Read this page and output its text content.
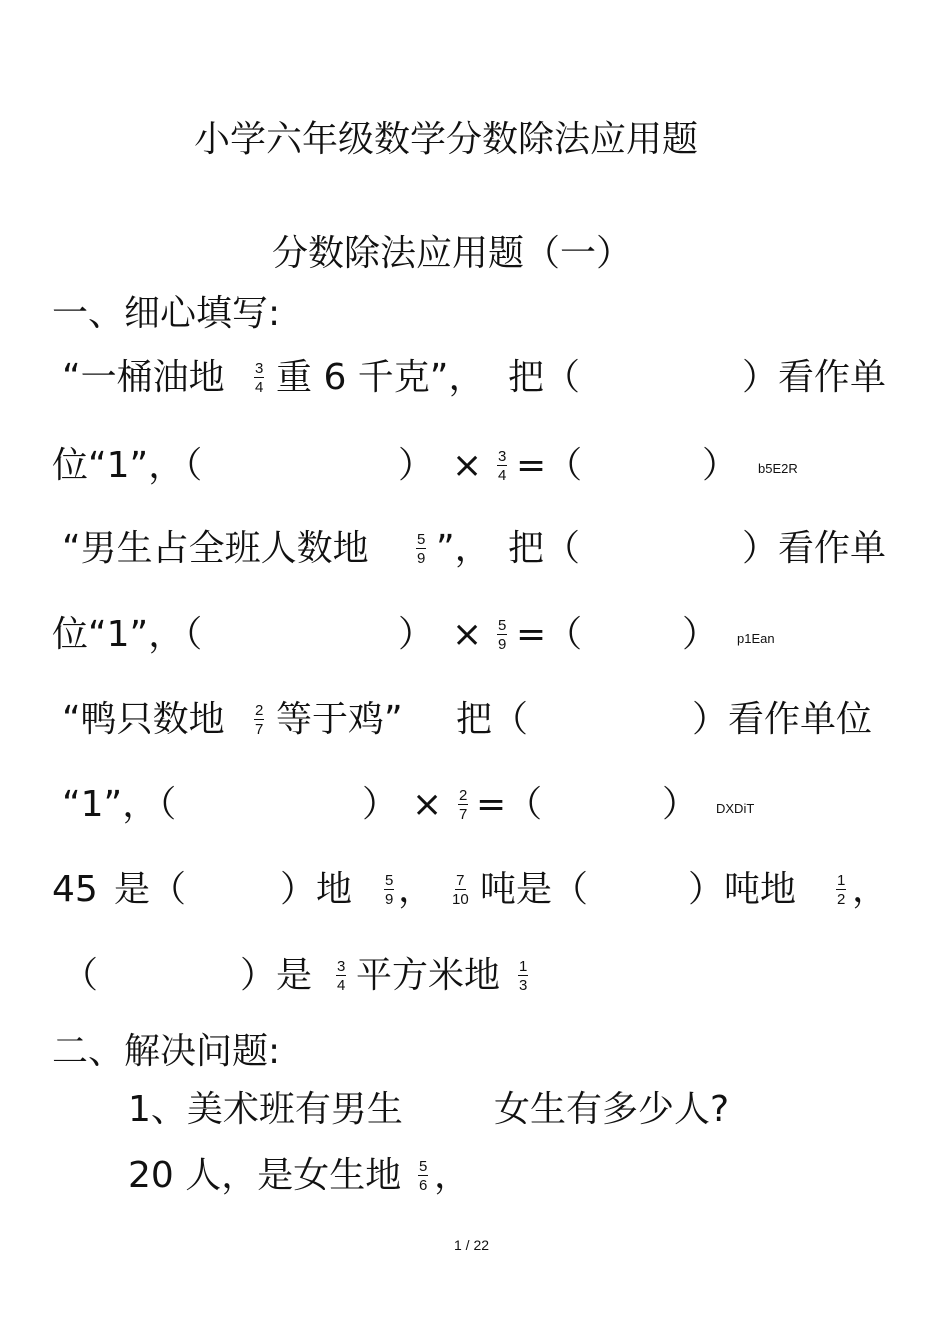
小学六年级数学分数除法应用题
分数除法应用题（一）
一、细心填写:
“一桶油地 $\frac{3}{4}$ 重 6 千克”， 把（	）看作单
位“1”，（	） × $\frac{3}{4}$ =（	） b5E2R
“男生占全班人数地	$\frac{5}{9}$ ”， 把（	）看作单
位“1”，（	） × $\frac{5}{9}$ =（	） p1Ean
“鸭只数地 $\frac{2}{7}$ 等于鸡” 把（	）看作单位
“1”，（	） × $\frac{2}{7}$ =（	） DXDiT
45 是（	）地 $\frac{5}{9}$ ， $\frac{7}{10}$ 吨是（	）吨地	$\frac{1}{2}$ ，
（	）是 $\frac{3}{4}$ 平方米地 $\frac{1}{3}$
二、解决问题:
1、美术班有男生	女生有多少人?
20 人，是女生地 $\frac{5}{6}$ ，
1 / 22
